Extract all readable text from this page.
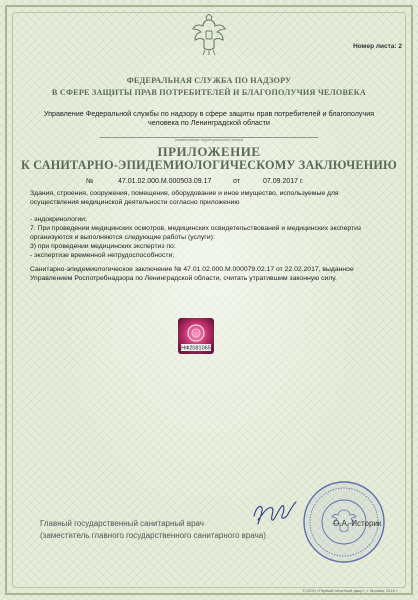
Номер листа: 2
ФЕДЕРАЛЬНАЯ СЛУЖБА ПО НАДЗОРУ
В СФЕРЕ ЗАЩИТЫ ПРАВ ПОТРЕБИТЕЛЕЙ И БЛАГОПОЛУЧИЯ ЧЕЛОВЕКА
Управление Федеральной службы по надзору в сфере защиты прав потребителей и благополучия
человека по Ленинградской области
(наименование территориального органа)
ПРИЛОЖЕНИЕ
К САНИТАРНО-ЭПИДЕМИОЛОГИЧЕСКОМУ ЗАКЛЮЧЕНИЮ
№	47.01.02.000.М.000503.09.17	от	07.09.2017 г.
Здания, строения, сооружения, помещения, оборудование и иное имущество, используемые для
осуществления медицинской деятельности согласно приложению
- эндокринологии;
7. При проведении медицинских осмотров, медицинских освидетельствований и медицинских экспертиз
организуются и выполняются следующие работы (услуги):
3) при проведении медицинских экспертиз по:
- экспертизе временной нетрудоспособности;
Санитарно-эпидемиологическое заключение № 47.01.02.000.М.000079.02.17 от 22.02.2017, выданное
Управлением Роспотребнадзора по Ленинградской области, считать утратившим законную силу.
НФ2081065
Главный государственный санитарный врач
(заместитель главного государственного санитарного врача)
О.А. Историк
© ООО «Первый печатный двор», г. Москва, 2016 г.
